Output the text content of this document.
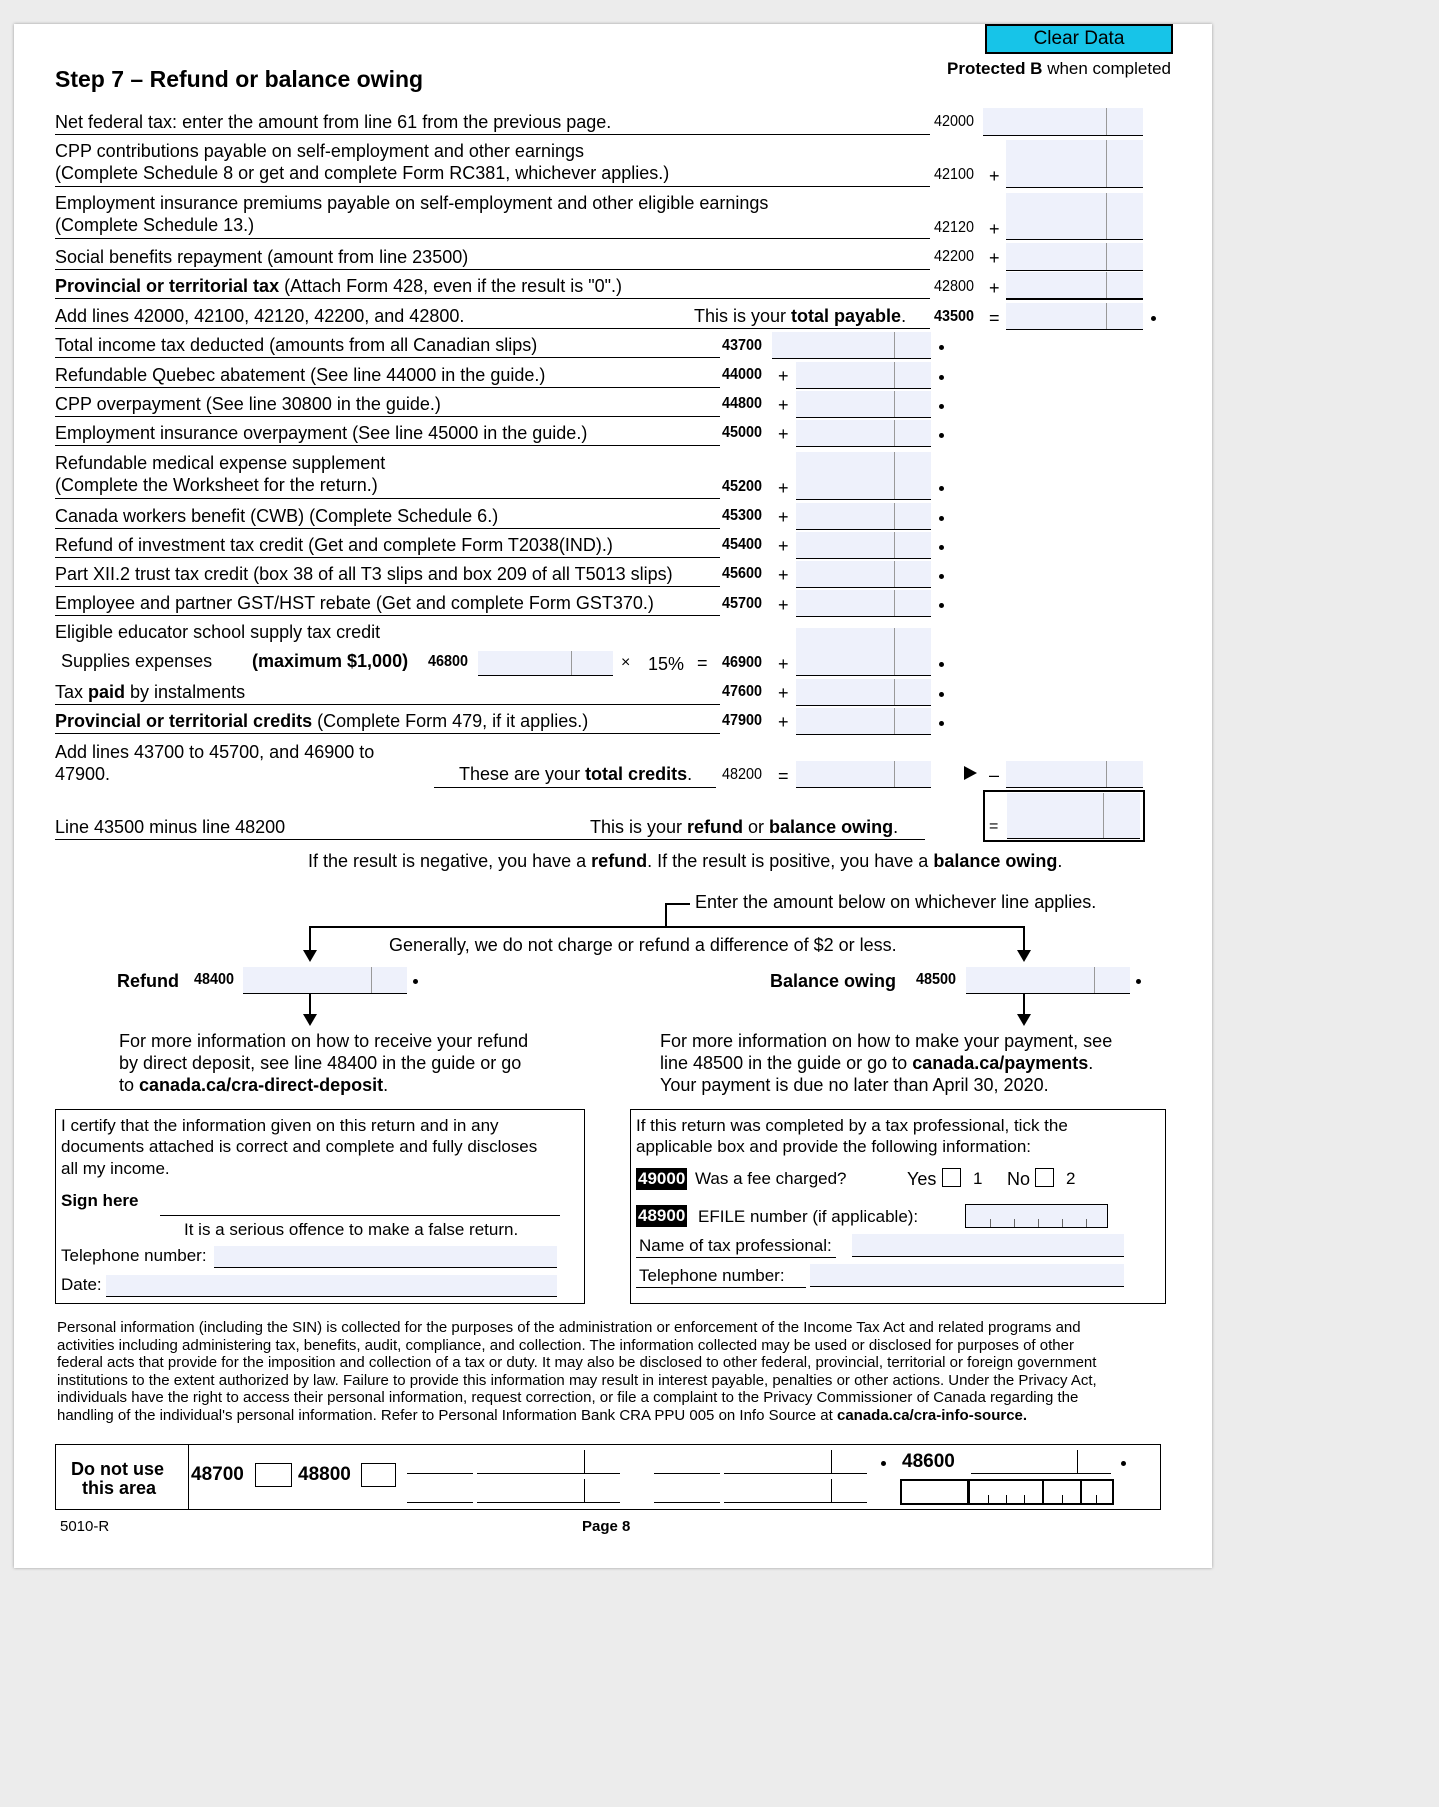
Clear Data
Protected B when completed
Step 7 – Refund or balance owing
Net federal tax: enter the amount from line 61 from the previous page.	42000
CPP contributions payable on self-employment and other earnings
(Complete Schedule 8 or get and complete Form RC381, whichever applies.)	42100 +
Employment insurance premiums payable on self-employment and other eligible earnings
(Complete Schedule 13.)	42120 +
Social benefits repayment (amount from line 23500)	42200 +
Provincial or territorial tax (Attach Form 428, even if the result is "0".)	42800 +
Add lines 42000, 42100, 42120, 42200, and 42800.	This is your total payable. 43500 =
Total income tax deducted (amounts from all Canadian slips)	43700
Refundable Quebec abatement (See line 44000 in the guide.)	44000 +
CPP overpayment (See line 30800 in the guide.)	44800 +
Employment insurance overpayment (See line 45000 in the guide.)	45000 +
Refundable medical expense supplement
(Complete the Worksheet for the return.)	45200 +
Canada workers benefit (CWB) (Complete Schedule 6.)	45300 +
Refund of investment tax credit (Get and complete Form T2038(IND).)	45400 +
Part XII.2 trust tax credit (box 38 of all T3 slips and box 209 of all T5013 slips)	45600 +
Employee and partner GST/HST rebate (Get and complete Form GST370.)	45700 +
Eligible educator school supply tax credit
Supplies expenses (maximum $1,000) 46800	× 15% = 46900 +
Tax paid by instalments	47600 +
Provincial or territorial credits (Complete Form 479, if it applies.)	47900 +
Add lines 43700 to 45700, and 46900 to
47900.	These are your total credits. 48200 =	–
=
Line 43500 minus line 48200	This is your refund or balance owing.
If the result is negative, you have a refund. If the result is positive, you have a balance owing.
Enter the amount below on whichever line applies.
Generally, we do not charge or refund a difference of $2 or less.
Refund 48400
For more information on how to receive your refund
by direct deposit, see line 48400 in the guide or go
to canada.ca/cra-direct-deposit.
Balance owing 48500
For more information on how to make your payment, see
line 48500 in the guide or go to canada.ca/payments.
Your payment is due no later than April 30, 2020.
I certify that the information given on this return and in any
documents attached is correct and complete and fully discloses
all my income.
Sign here
It is a serious offence to make a false return.
Telephone number:
Date:
If this return was completed by a tax professional, tick the
applicable box and provide the following information:
49000 Was a fee charged?	Yes 1 No 2
48900 EFILE number (if applicable):
Name of tax professional:
Telephone number:
Personal information (including the SIN) is collected for the purposes of the administration or enforcement of the Income Tax Act and related programs and
activities including administering tax, benefits, audit, compliance, and collection. The information collected may be used or disclosed for purposes of other
federal acts that provide for the imposition and collection of a tax or duty. It may also be disclosed to other federal, provincial, territorial or foreign government
institutions to the extent authorized by law. Failure to provide this information may result in interest payable, penalties or other actions. Under the Privacy Act,
individuals have the right to access their personal information, request correction, or file a complaint to the Privacy Commissioner of Canada regarding the
handling of the individual's personal information. Refer to Personal Information Bank CRA PPU 005 on Info Source at canada.ca/cra-info-source.
Do not use
this area
48700	48800
48600
5010-R	Page 8
